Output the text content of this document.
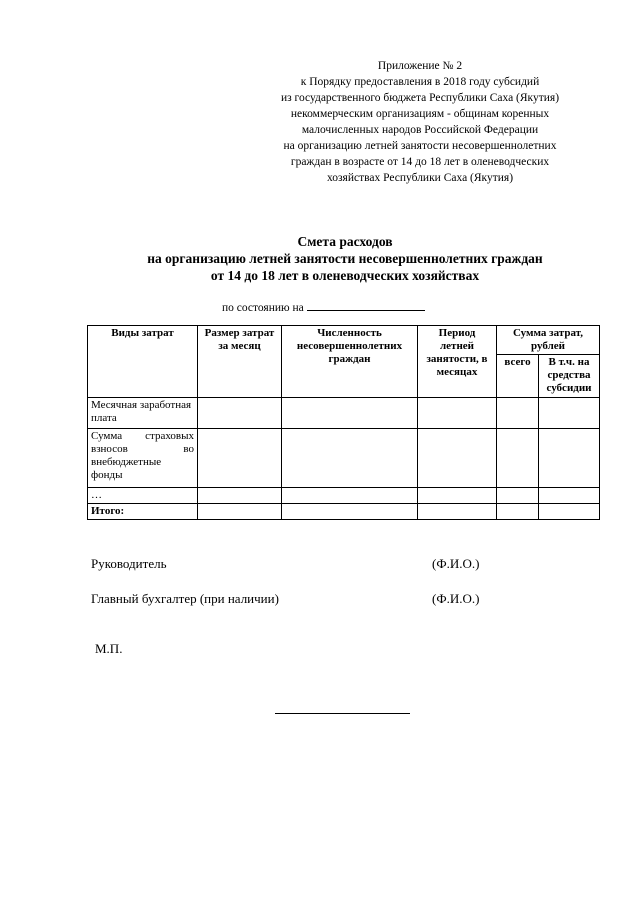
Приложение № 2
к Порядку предоставления в 2018 году субсидий
из государственного бюджета Республики Саха (Якутия)
некоммерческим организациям - общинам коренных
малочисленных народов Российской Федерации
на организацию летней занятости несовершеннолетних
граждан в возрасте от 14 до 18 лет в оленеводческих
хозяйствах Республики Саха (Якутия)
Смета расходов
на организацию летней занятости несовершеннолетних граждан
от 14 до 18 лет в оленеводческих хозяйствах
по состоянию на
Виды затрат	Размер затрат за месяц	Численность несовершеннолетних граждан	Период летней занятости, в месяцах	Сумма затрат, рублей	
				всего	В т.ч. на средства субсидии
Месячная заработная плата					
Сумма страховых взносов во внебюджетные фонды					
…					
Итого:					
Руководитель	(Ф.И.О.)
Главный бухгалтер (при наличии)	(Ф.И.О.)
М.П.
